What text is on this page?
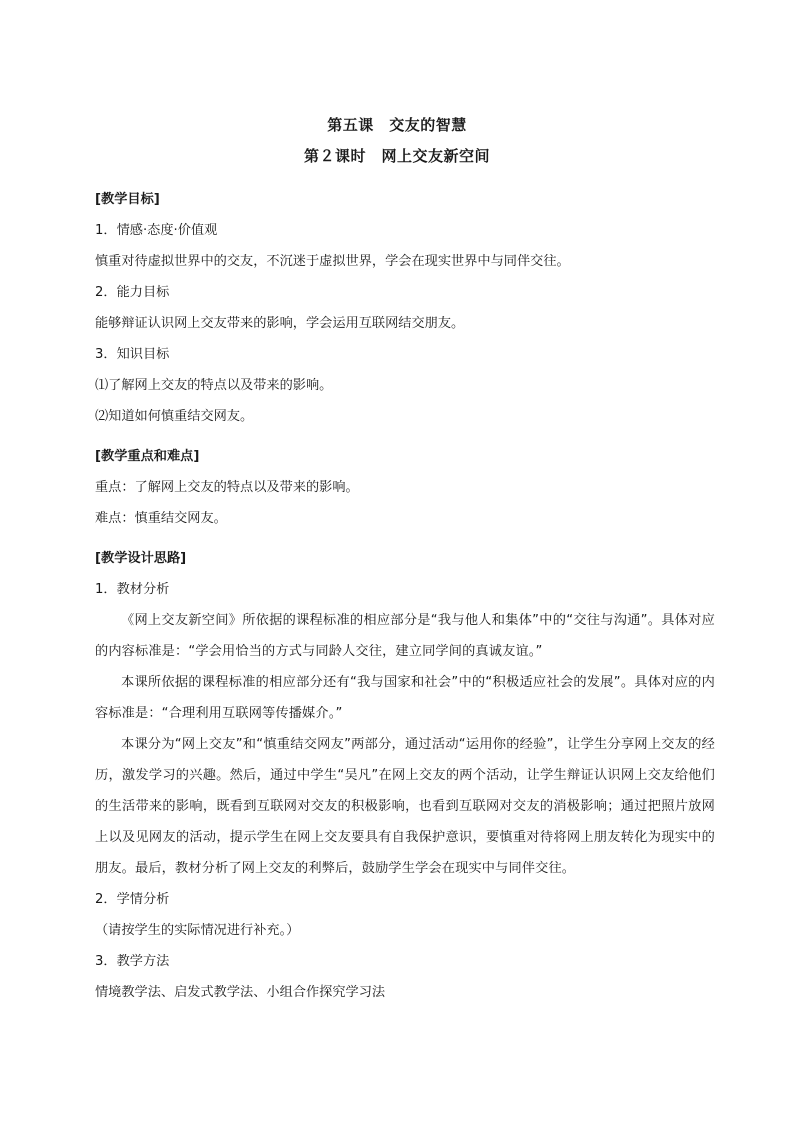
第五课　交友的智慧
第２课时　网上交友新空间
[教学目标]
1．情感·态度·价值观
慎重对待虚拟世界中的交友，不沉迷于虚拟世界，学会在现实世界中与同伴交往。
2．能力目标
能够辩证认识网上交友带来的影响，学会运用互联网结交朋友。
3．知识目标
⑴了解网上交友的特点以及带来的影响。
⑵知道如何慎重结交网友。
[教学重点和难点]
重点：了解网上交友的特点以及带来的影响。
难点：慎重结交网友。
[教学设计思路]
1．教材分析
《网上交友新空间》所依据的课程标准的相应部分是“我与他人和集体”中的“交往与沟通”。具体对应的内容标准是：“学会用恰当的方式与同龄人交往，建立同学间的真诚友谊。”
本课所依据的课程标准的相应部分还有“我与国家和社会”中的“积极适应社会的发展”。具体对应的内容标准是：“合理利用互联网等传播媒介。”
本课分为“网上交友”和“慎重结交网友”两部分，通过活动“运用你的经验”，让学生分享网上交友的经历，激发学习的兴趣。然后，通过中学生“吴凡”在网上交友的两个活动，让学生辩证认识网上交友给他们的生活带来的影响，既看到互联网对交友的积极影响，也看到互联网对交友的消极影响；通过把照片放网上以及见网友的活动，提示学生在网上交友要具有自我保护意识，要慎重对待将网上朋友转化为现实中的朋友。最后，教材分析了网上交友的利弊后，鼓励学生学会在现实中与同伴交往。
2．学情分析
（请按学生的实际情况进行补充。）
3．教学方法
情境教学法、启发式教学法、小组合作探究学习法
